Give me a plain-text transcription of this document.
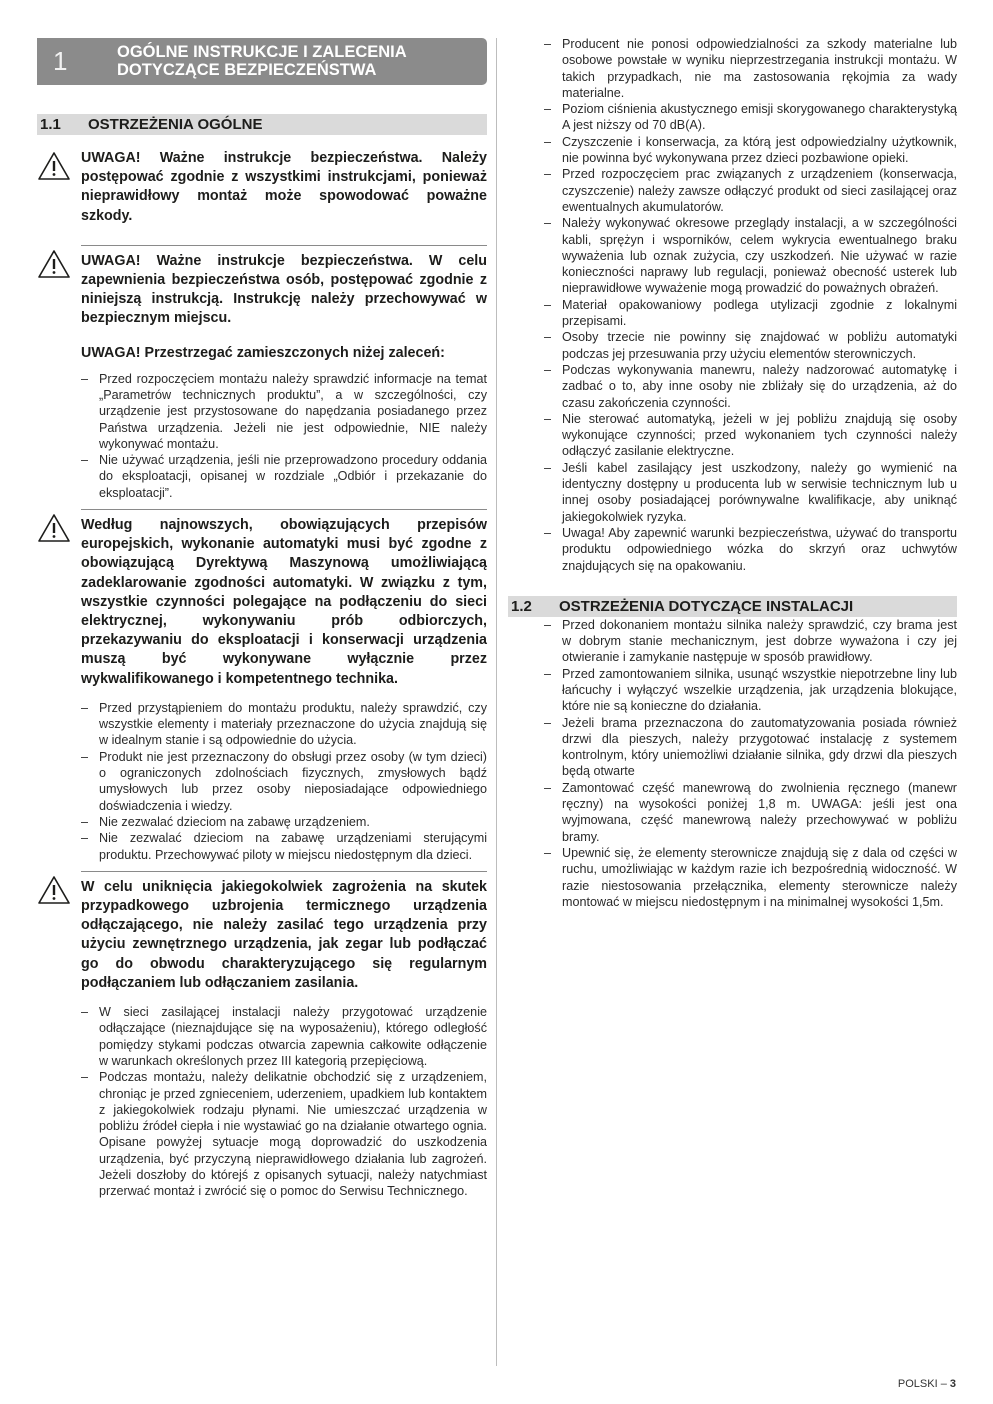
1	OGÓLNE INSTRUKCJE I ZALECENIA
DOTYCZĄCE BEZPIECZEŃSTWA
1.1 OSTRZEŻENIA OGÓLNE
UWAGA! Ważne instrukcje bezpieczeństwa. Należy postępować zgodnie z wszystkimi instrukcjami, ponieważ nieprawidłowy montaż może spowodować poważne szkody.
UWAGA! Ważne instrukcje bezpieczeństwa. W celu zapewnienia bezpieczeństwa osób, postępować zgodnie z niniejszą instrukcją. Instrukcję należy przechowywać w bezpiecznym miejscu.
UWAGA! Przestrzegać zamieszczonych niżej zaleceń:
– Przed rozpoczęciem montażu należy sprawdzić informacje na temat „Parametrów technicznych produktu”, a w szczególności, czy urządzenie jest przystosowane do napędzania posiadanego przez Państwa urządzenia. Jeżeli nie jest odpowiednie, NIE należy wykonywać montażu.
– Nie używać urządzenia, jeśli nie przeprowadzono procedury oddania do eksploatacji, opisanej w rozdziale „Odbiór i przekazanie do eksploatacji”.
Według najnowszych, obowiązujących przepisów europejskich, wykonanie automatyki musi być zgodne z obowiązującą Dyrektywą Maszynową umożliwiającą zadeklarowanie zgodności automatyki. W związku z tym, wszystkie czynności polegające na podłączeniu do sieci elektrycznej, wykonywaniu prób odbiorczych, przekazywaniu do eksploatacji i konserwacji urządzenia muszą być wykonywane wyłącznie przez wykwalifikowanego i kompetentnego technika.
– Przed przystąpieniem do montażu produktu, należy sprawdzić, czy wszystkie elementy i materiały przeznaczone do użycia znajdują się w idealnym stanie i są odpowiednie do użycia.
– Produkt nie jest przeznaczony do obsługi przez osoby (w tym dzieci) o ograniczonych zdolnościach fizycznych, zmysłowych bądź umysłowych lub przez osoby nieposiadające odpowiedniego doświadczenia i wiedzy.
– Nie zezwalać dzieciom na zabawę urządzeniem.
– Nie zezwalać dzieciom na zabawę urządzeniami sterującymi produktu. Przechowywać piloty w miejscu niedostępnym dla dzieci.
W celu uniknięcia jakiegokolwiek zagrożenia na skutek przypadkowego uzbrojenia termicznego urządzenia odłączającego, nie należy zasilać tego urządzenia przy użyciu zewnętrznego urządzenia, jak zegar lub podłączać go do obwodu charakteryzującego się regularnym podłączaniem lub odłączaniem zasilania.
– W sieci zasilającej instalacji należy przygotować urządzenie odłączające (nieznajdujące się na wyposażeniu), którego odległość pomiędzy stykami podczas otwarcia zapewnia całkowite odłączenie w warunkach określonych przez III kategorią przepięciową.
– Podczas montażu, należy delikatnie obchodzić się z urządzeniem, chroniąc je przed zgnieceniem, uderzeniem, upadkiem lub kontaktem z jakiegokolwiek rodzaju płynami. Nie umieszczać urządzenia w pobliżu źródeł ciepła i nie wystawiać go na działanie otwartego ognia. Opisane powyżej sytuacje mogą doprowadzić do uszkodzenia urządzenia, być przyczyną nieprawidłowego działania lub zagrożeń. Jeżeli doszłoby do którejś z opisanych sytuacji, należy natychmiast przerwać montaż i zwrócić się o pomoc do Serwisu Technicznego.
– Producent nie ponosi odpowiedzialności za szkody materialne lub osobowe powstałe w wyniku nieprzestrzegania instrukcji montażu. W takich przypadkach, nie ma zastosowania rękojmia za wady materialne.
– Poziom ciśnienia akustycznego emisji skorygowanego charakterystyką A jest niższy od 70 dB(A).
– Czyszczenie i konserwacja, za którą jest odpowiedzialny użytkownik, nie powinna być wykonywana przez dzieci pozbawione opieki.
– Przed rozpoczęciem prac związanych z urządzeniem (konserwacja, czyszczenie) należy zawsze odłączyć produkt od sieci zasilającej oraz ewentualnych akumulatorów.
– Należy wykonywać okresowe przeglądy instalacji, a w szczególności kabli, sprężyn i wsporników, celem wykrycia ewentualnego braku wyważenia lub oznak zużycia, czy uszkodzeń. Nie używać w razie konieczności naprawy lub regulacji, ponieważ obecność usterek lub nieprawidłowe wyważenie mogą prowadzić do poważnych obrażeń.
– Materiał opakowaniowy podlega utylizacji zgodnie z lokalnymi przepisami.
– Osoby trzecie nie powinny się znajdować w pobliżu automatyki podczas jej przesuwania przy użyciu elementów sterowniczych.
– Podczas wykonywania manewru, należy nadzorować automatykę i zadbać o to, aby inne osoby nie zbliżały się do urządzenia, aż do czasu zakończenia czynności.
– Nie sterować automatyką, jeżeli w jej pobliżu znajdują się osoby wykonujące czynności; przed wykonaniem tych czynności należy odłączyć zasilanie elektryczne.
– Jeśli kabel zasilający jest uszkodzony, należy go wymienić na identyczny dostępny u producenta lub w serwisie technicznym lub u innej osoby posiadającej porównywalne kwalifikacje, aby uniknąć jakiegokolwiek ryzyka.
– Uwaga! Aby zapewnić warunki bezpieczeństwa, używać do transportu produktu odpowiedniego wózka do skrzyń oraz uchwytów znajdujących się na opakowaniu.
1.2 OSTRZEŻENIA DOTYCZĄCE INSTALACJI
– Przed dokonaniem montażu silnika należy sprawdzić, czy brama jest w dobrym stanie mechanicznym, jest dobrze wyważona i czy jej otwieranie i zamykanie następuje w sposób prawidłowy.
– Przed zamontowaniem silnika, usunąć wszystkie niepotrzebne liny lub łańcuchy i wyłączyć wszelkie urządzenia, jak urządzenia blokujące, które nie są konieczne do działania.
– Jeżeli brama przeznaczona do zautomatyzowania posiada również drzwi dla pieszych, należy przygotować instalację z systemem kontrolnym, który uniemożliwi działanie silnika, gdy drzwi dla pieszych będą otwarte
– Zamontować część manewrową do zwolnienia ręcznego (manewr ręczny) na wysokości poniżej 1,8 m. UWAGA: jeśli jest ona wyjmowana, część manewrową należy przechowywać w pobliżu bramy.
– Upewnić się, że elementy sterownicze znajdują się z dala od części w ruchu, umożliwiając w każdym razie ich bezpośrednią widoczność. W razie niestosowania przełącznika, elementy sterownicze należy montować w miejscu niedostępnym i na minimalnej wysokości 1,5m.
POLSKI – 3
